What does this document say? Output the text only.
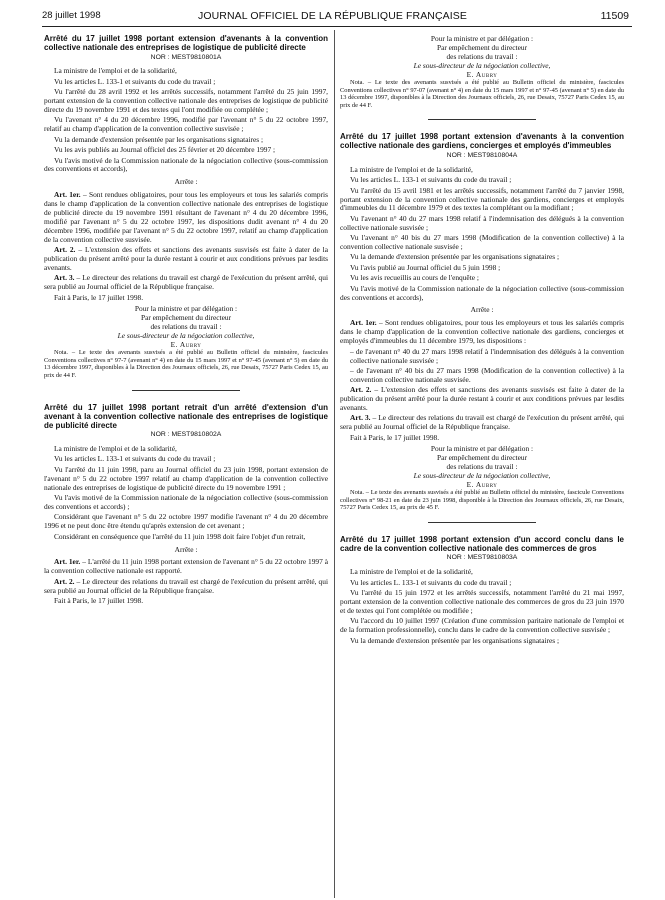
28 juillet 1998	JOURNAL OFFICIEL DE LA RÉPUBLIQUE FRANÇAISE	11509

Arrêté du 17 juillet 1998 portant extension d'avenants à la convention collective nationale des entreprises de logistique de publicité directe

NOR : MEST9810801A

La ministre de l'emploi et de la solidarité,

Vu les articles L. 133-1 et suivants du code du travail ;

Vu l'arrêté du 28 avril 1992 et les arrêtés successifs, notamment l'arrêté du 25 juin 1997, portant extension de la convention collective nationale des entreprises de logistique de publicité directe du 19 novembre 1991 et des textes qui l'ont modifiée ou complétée ;

Vu l'avenant n° 4 du 20 décembre 1996, modifié par l'avenant n° 5 du 22 octobre 1997, relatif au champ d'application de la convention collective susvisée ;

Vu la demande d'extension présentée par les organisations signataires ;

Vu les avis publiés au Journal officiel des 25 février et 20 décembre 1997 ;

Vu l'avis motivé de la Commission nationale de la négociation collective (sous-commission des conventions et accords),

Arrête :

Art. 1er. – Sont rendues obligatoires, pour tous les employeurs et tous les salariés compris dans le champ d'application de la convention collective nationale des entreprises de logistique de publicité directe du 19 novembre 1991 résultant de l'avenant n° 4 du 20 décembre 1996, modifié par l'avenant n° 5 du 22 octobre 1997, les dispositions dudit avenant n° 4 du 20 décembre 1996, modifiée par l'avenant n° 5 du 22 octobre 1997, relatif au champ d'application de la convention collective susvisée.

Art. 2. – L'extension des effets et sanctions des avenants susvisés est faite à dater de la publication du présent arrêté pour la durée restant à courir et aux conditions prévues par lesdits avenants.

Art. 3. – Le directeur des relations du travail est chargé de l'exécution du présent arrêté, qui sera publié au Journal officiel de la République française.

Fait à Paris, le 17 juillet 1998.

Pour la ministre et par délégation :
Par empêchement du directeur
des relations du travail :
Le sous-directeur de la négociation collective,
E. Aubry

Nota. – Le texte des avenants susvisés a été publié au Bulletin officiel du ministère, fascicules Conventions collectives n° 97-7 (avenant n° 4) en date du 15 mars 1997 et n° 97-45 (avenant n° 5) en date du 13 décembre 1997, disponibles à la Direction des Journaux officiels, 26, rue Desaix, 75727 Paris Cedex 15, au prix de 44 F.

Arrêté du 17 juillet 1998 portant retrait d'un arrêté d'extension d'un avenant à la convention collective nationale des entreprises de logistique de publicité directe

NOR : MEST9810802A

La ministre de l'emploi et de la solidarité,

Vu les articles L. 133-1 et suivants du code du travail ;

Vu l'arrêté du 11 juin 1998, paru au Journal officiel du 23 juin 1998, portant extension de l'avenant n° 5 du 22 octobre 1997 relatif au champ d'application de la convention collective nationale des entreprises de logistique de publicité directe du 19 novembre 1991 ;

Vu l'avis motivé de la Commission nationale de la négociation collective (sous-commission des conventions et accords) ;

Considérant que l'avenant n° 5 du 22 octobre 1997 modifie l'avenant n° 4 du 20 décembre 1996 et ne peut donc être étendu qu'après extension de cet avenant ;

Considérant en conséquence que l'arrêté du 11 juin 1998 doit faire l'objet d'un retrait,

Arrête :

Art. 1er. – L'arrêté du 11 juin 1998 portant extension de l'avenant n° 5 du 22 octobre 1997 à la convention collective nationale est rapporté.

Art. 2. – Le directeur des relations du travail est chargé de l'exécution du présent arrêté, qui sera publié au Journal officiel de la République française.

Fait à Paris, le 17 juillet 1998.

Pour la ministre et par délégation :
Par empêchement du directeur
des relations du travail :
Le sous-directeur de la négociation collective,
E. Aubry

Nota. – Le texte des avenants susvisés a été publié au Bulletin officiel du ministère, fascicules Conventions collectives n° 97-07 (avenant n° 4) en date du 15 mars 1997 et n° 97-45 (avenant n° 5) en date du 13 décembre 1997, disponibles à la Direction des Journaux officiels, 26, rue Desaix, 75727 Paris Cedex 15, au prix de 44 F.

Arrêté du 17 juillet 1998 portant extension d'avenants à la convention collective nationale des gardiens, concierges et employés d'immeubles

NOR : MEST9810804A

La ministre de l'emploi et de la solidarité,

Vu les articles L. 133-1 et suivants du code du travail ;

Vu l'arrêté du 15 avril 1981 et les arrêtés successifs, notamment l'arrêté du 7 janvier 1998, portant extension de la convention collective nationale des gardiens, concierges et employés d'immeubles du 11 décembre 1979 et des textes la complétant ou la modifiant ;

Vu l'avenant n° 40 du 27 mars 1998 relatif à l'indemnisation des délégués à la convention collective nationale susvisée ;

Vu l'avenant n° 40 bis du 27 mars 1998 (Modification de la convention collective) à la convention collective nationale susvisée ;

Vu la demande d'extension présentée par les organisations signataires ;

Vu l'avis publié au Journal officiel du 5 juin 1998 ;

Vu les avis recueillis au cours de l'enquête ;

Vu l'avis motivé de la Commission nationale de la négociation collective (sous-commission des conventions et accords),

Arrête :

Art. 1er. – Sont rendues obligatoires, pour tous les employeurs et tous les salariés compris dans le champ d'application de la convention collective nationale des gardiens, concierges et employés d'immeubles du 11 décembre 1979, les dispositions :

– de l'avenant n° 40 du 27 mars 1998 relatif à l'indemnisation des délégués à la convention collective nationale susvisée ;

– de l'avenant n° 40 bis du 27 mars 1998 (Modification de la convention collective) à la convention collective nationale susvisée.

Art. 2. – L'extension des effets et sanctions des avenants susvisés est faite à dater de la publication du présent arrêté pour la durée restant à courir et aux conditions prévues par lesdits avenants.

Art. 3. – Le directeur des relations du travail est chargé de l'exécution du présent arrêté, qui sera publié au Journal officiel de la République française.

Fait à Paris, le 17 juillet 1998.

Pour la ministre et par délégation :
Par empêchement du directeur
des relations du travail :
Le sous-directeur de la négociation collective,
E. Aubry

Nota. – Le texte des avenants susvisés a été publié au Bulletin officiel du ministère, fascicule Conventions collectives n° 98-21 en date du 23 juin 1998, disponible à la Direction des Journaux officiels, 26, rue Desaix, 75727 Paris Cedex 15, au prix de 45 F.

Arrêté du 17 juillet 1998 portant extension d'un accord conclu dans le cadre de la convention collective nationale des commerces de gros

NOR : MEST9810803A

La ministre de l'emploi et de la solidarité,

Vu les articles L. 133-1 et suivants du code du travail ;

Vu l'arrêté du 15 juin 1972 et les arrêtés successifs, notamment l'arrêté du 21 mai 1997, portant extension de la convention collective nationale des commerces de gros du 23 juin 1970 et de textes qui l'ont complétée ou modifiée ;

Vu l'accord du 10 juillet 1997 (Création d'une commission paritaire nationale de l'emploi et de la formation professionnelle), conclu dans le cadre de la convention collective susvisée ;

Vu la demande d'extension présentée par les organisations signataires ;
